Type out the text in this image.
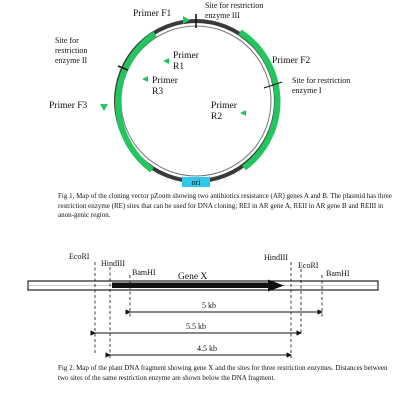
ori
Primer F1
Site for restriction enzyme III
Site for restriction enzyme II	Primer F2
Site for restriction enzyme I
Primer F3
Primer R1
Primer R3
Primer R2
EcoRI
HindIII
BamHI Gene X
HindIII
EcoRI
BamHI
5 kb
5.5 kb
4.5 kb

Fig 1. Map of the cloning vector pZoom showing two antibiotics resistance (AR) genes A and B. The plasmid has three restriction enzyme (RE) sites that can be used for DNA cloning; REI in AR gene A, REII in AR gene B and REIII in anon-genic region.

Fig 2. Map of the plant DNA fragment showing gene X and the sites for three restriction enzymes. Distances between two sites of the same restriction enzyme are shown below the DNA fragment.
